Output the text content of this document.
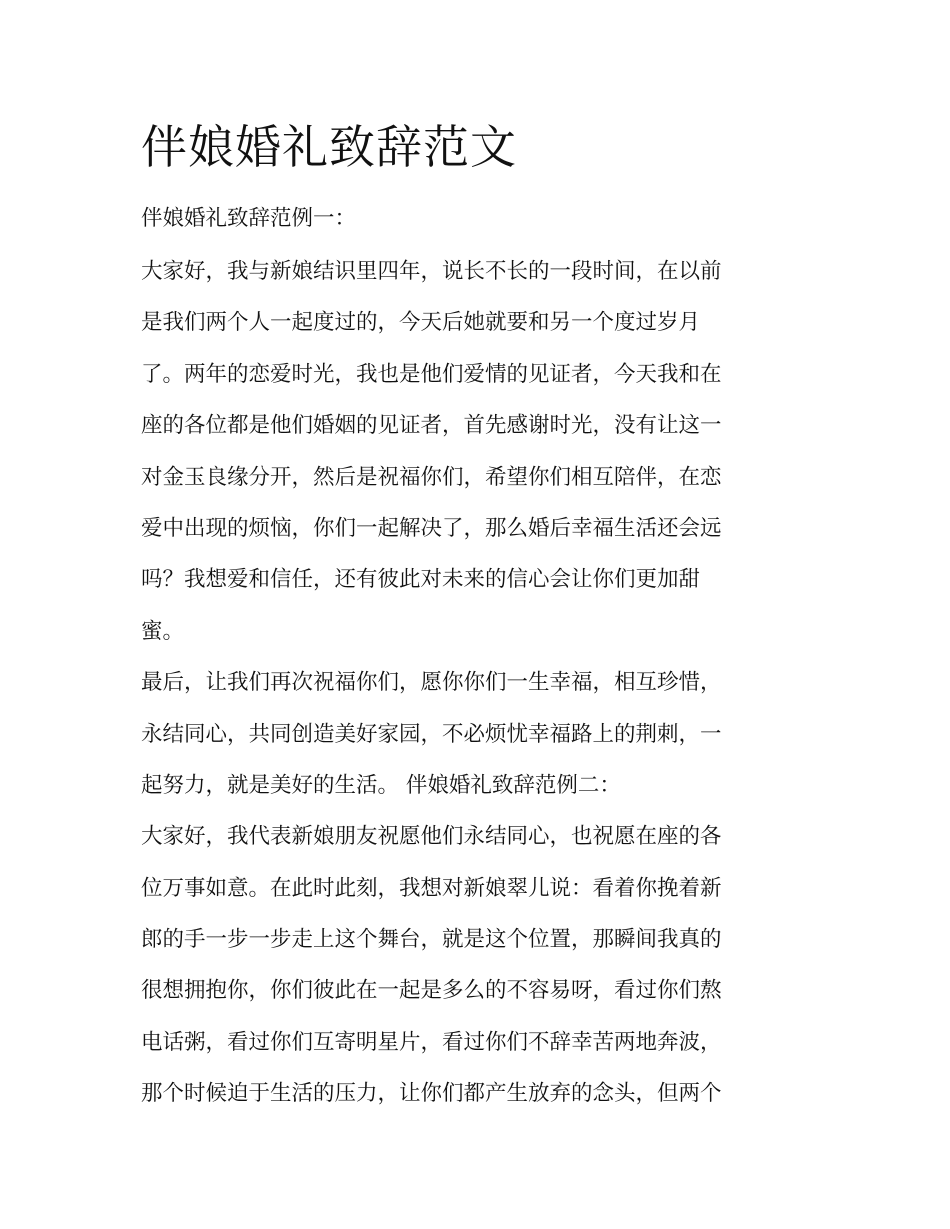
伴娘婚礼致辞范文

伴娘婚礼致辞范例一：

大家好，我与新娘结识里四年，说长不长的一段时间，在以前

是我们两个人一起度过的，今天后她就要和另一个度过岁月

了。两年的恋爱时光，我也是他们爱情的见证者，今天我和在

座的各位都是他们婚姻的见证者，首先感谢时光，没有让这一

对金玉良缘分开，然后是祝福你们，希望你们相互陪伴，在恋

爱中出现的烦恼，你们一起解决了，那么婚后幸福生活还会远

吗？我想爱和信任，还有彼此对未来的信心会让你们更加甜

蜜。

最后，让我们再次祝福你们，愿你你们一生幸福，相互珍惜，

永结同心，共同创造美好家园，不必烦忧幸福路上的荆刺，一

起努力，就是美好的生活。 伴娘婚礼致辞范例二：

大家好，我代表新娘朋友祝愿他们永结同心，也祝愿在座的各

位万事如意。在此时此刻，我想对新娘翠儿说：看着你挽着新

郎的手一步一步走上这个舞台，就是这个位置，那瞬间我真的

很想拥抱你，你们彼此在一起是多么的不容易呀，看过你们熬

电话粥，看过你们互寄明星片，看过你们不辞幸苦两地奔波，

那个时候迫于生活的压力，让你们都产生放弃的念头，但两个
